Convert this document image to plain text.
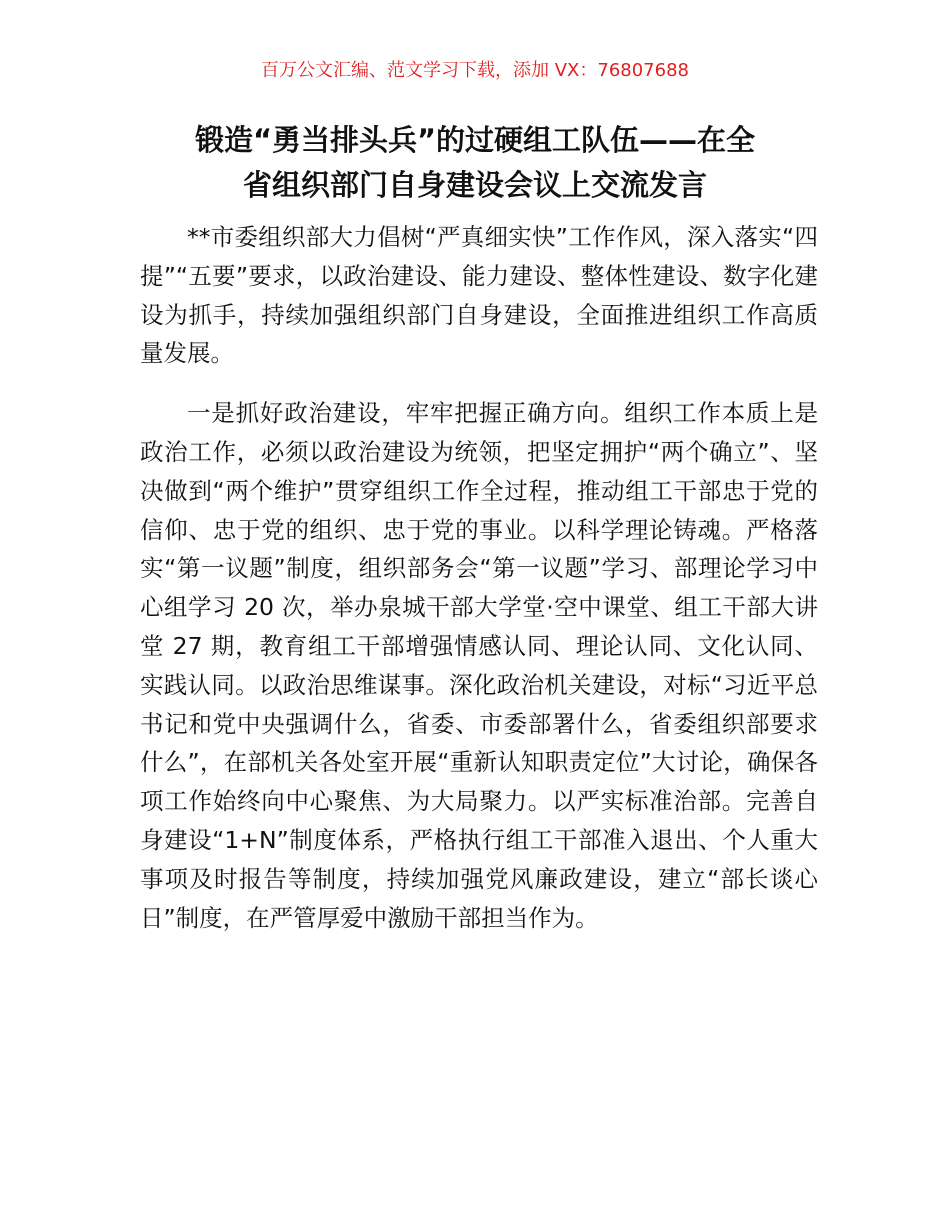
百万公文汇编、范文学习下载，添加 VX：76807688
锻造“勇当排头兵”的过硬组工队伍——在全
省组织部门自身建设会议上交流发言

**市委组织部大力倡树“严真细实快”工作作风，深入落实“四提”“五要”要求，以政治建设、能力建设、整体性建设、数字化建设为抓手，持续加强组织部门自身建设，全面推进组织工作高质量发展。

一是抓好政治建设，牢牢把握正确方向。组织工作本质上是政治工作，必须以政治建设为统领，把坚定拥护“两个确立”、坚决做到“两个维护”贯穿组织工作全过程，推动组工干部忠于党的信仰、忠于党的组织、忠于党的事业。以科学理论铸魂。严格落实“第一议题”制度，组织部务会“第一议题”学习、部理论学习中心组学习 20 次，举办泉城干部大学堂·空中课堂、组工干部大讲堂 27 期，教育组工干部增强情感认同、理论认同、文化认同、实践认同。以政治思维谋事。深化政治机关建设，对标“习近平总书记和党中央强调什么，省委、市委部署什么，省委组织部要求什么”，在部机关各处室开展“重新认知职责定位”大讨论，确保各项工作始终向中心聚焦、为大局聚力。以严实标准治部。完善自身建设“1+N”制度体系，严格执行组工干部准入退出、个人重大事项及时报告等制度，持续加强党风廉政建设，建立“部长谈心日”制度，在严管厚爱中激励干部担当作为。
